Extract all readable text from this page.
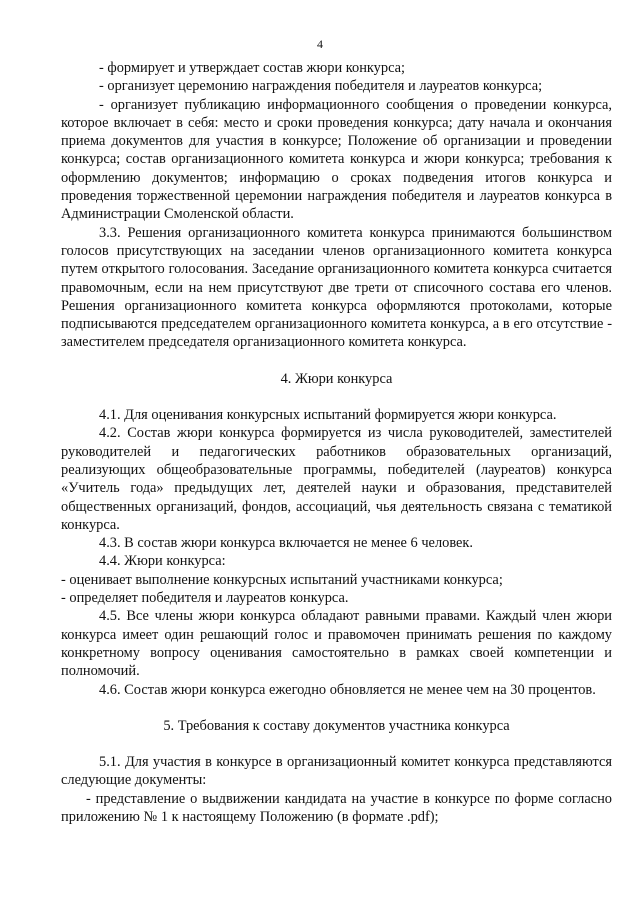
4

- формирует и утверждает состав жюри конкурса;

- организует церемонию награждения победителя и лауреатов конкурса;

- организует публикацию информационного сообщения о проведении конкурса, которое включает в себя: место и сроки проведения конкурса; дату начала и окончания приема документов для участия в конкурсе; Положение об организации и проведении конкурса; состав организационного комитета конкурса и жюри конкурса; требования к оформлению документов; информацию о сроках подведения итогов конкурса и проведения торжественной церемонии награждения победителя и лауреатов конкурса в Администрации Смоленской области.

3.3. Решения организационного комитета конкурса принимаются большинством голосов присутствующих на заседании членов организационного комитета конкурса путем открытого голосования. Заседание организационного комитета конкурса считается правомочным, если на нем присутствуют две трети от списочного состава его членов. Решения организационного комитета конкурса оформляются протоколами, которые подписываются председателем организационного комитета конкурса, а в его отсутствие - заместителем председателя организационного комитета конкурса.

4. Жюри конкурса

4.1. Для оценивания конкурсных испытаний формируется жюри конкурса.

4.2. Состав жюри конкурса формируется из числа руководителей, заместителей руководителей и педагогических работников образовательных организаций, реализующих общеобразовательные программы, победителей (лауреатов) конкурса «Учитель года» предыдущих лет, деятелей науки и образования, представителей общественных организаций, фондов, ассоциаций, чья деятельность связана с тематикой конкурса.

4.3. В состав жюри конкурса включается не менее 6 человек.

4.4. Жюри конкурса:

- оценивает выполнение конкурсных испытаний участниками конкурса;

- определяет победителя и лауреатов конкурса.

4.5. Все члены жюри конкурса обладают равными правами. Каждый член жюри конкурса имеет один решающий голос и правомочен принимать решения по каждому конкретному вопросу оценивания самостоятельно в рамках своей компетенции и полномочий.

4.6. Состав жюри конкурса ежегодно обновляется не менее чем на 30 процентов.

5. Требования к составу документов участника конкурса

5.1. Для участия в конкурсе в организационный комитет конкурса представляются следующие документы:

- представление о выдвижении кандидата на участие в конкурсе по форме согласно приложению № 1 к настоящему Положению (в формате .pdf);
